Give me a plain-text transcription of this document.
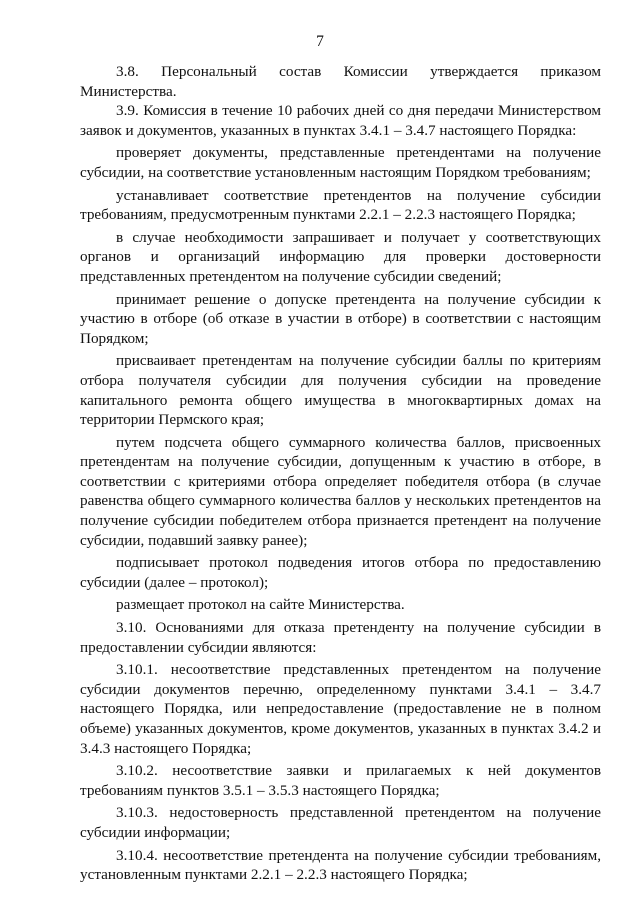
7

3.8. Персональный состав Комиссии утверждается приказом Министерства.

3.9. Комиссия в течение 10 рабочих дней со дня передачи Министерством заявок и документов, указанных в пунктах 3.4.1 – 3.4.7 настоящего Порядка:

проверяет документы, представленные претендентами на получение субсидии, на соответствие установленным настоящим Порядком требованиям;

устанавливает соответствие претендентов на получение субсидии требованиям, предусмотренным пунктами 2.2.1 – 2.2.3 настоящего Порядка;

в случае необходимости запрашивает и получает у соответствующих органов и организаций информацию для проверки достоверности представленных претендентом на получение субсидии сведений;

принимает решение о допуске претендента на получение субсидии к участию в отборе (об отказе в участии в отборе) в соответствии с настоящим Порядком;

присваивает претендентам на получение субсидии баллы по критериям отбора получателя субсидии для получения субсидии на проведение капитального ремонта общего имущества в многоквартирных домах на территории Пермского края;

путем подсчета общего суммарного количества баллов, присвоенных претендентам на получение субсидии, допущенным к участию в отборе, в соответствии с критериями отбора определяет победителя отбора (в случае равенства общего суммарного количества баллов у нескольких претендентов на получение субсидии победителем отбора признается претендент на получение субсидии, подавший заявку ранее);

подписывает протокол подведения итогов отбора по предоставлению субсидии (далее – протокол);

размещает протокол на сайте Министерства.

3.10. Основаниями для отказа претенденту на получение субсидии в предоставлении субсидии являются:

3.10.1. несоответствие представленных претендентом на получение субсидии документов перечню, определенному пунктами 3.4.1 – 3.4.7 настоящего Порядка, или непредоставление (предоставление не в полном объеме) указанных документов, кроме документов, указанных в пунктах 3.4.2 и 3.4.3 настоящего Порядка;

3.10.2. несоответствие заявки и прилагаемых к ней документов требованиям пунктов 3.5.1 – 3.5.3 настоящего Порядка;

3.10.3. недостоверность представленной претендентом на получение субсидии информации;

3.10.4. несоответствие претендента на получение субсидии требованиям, установленным пунктами 2.2.1 – 2.2.3 настоящего Порядка;
